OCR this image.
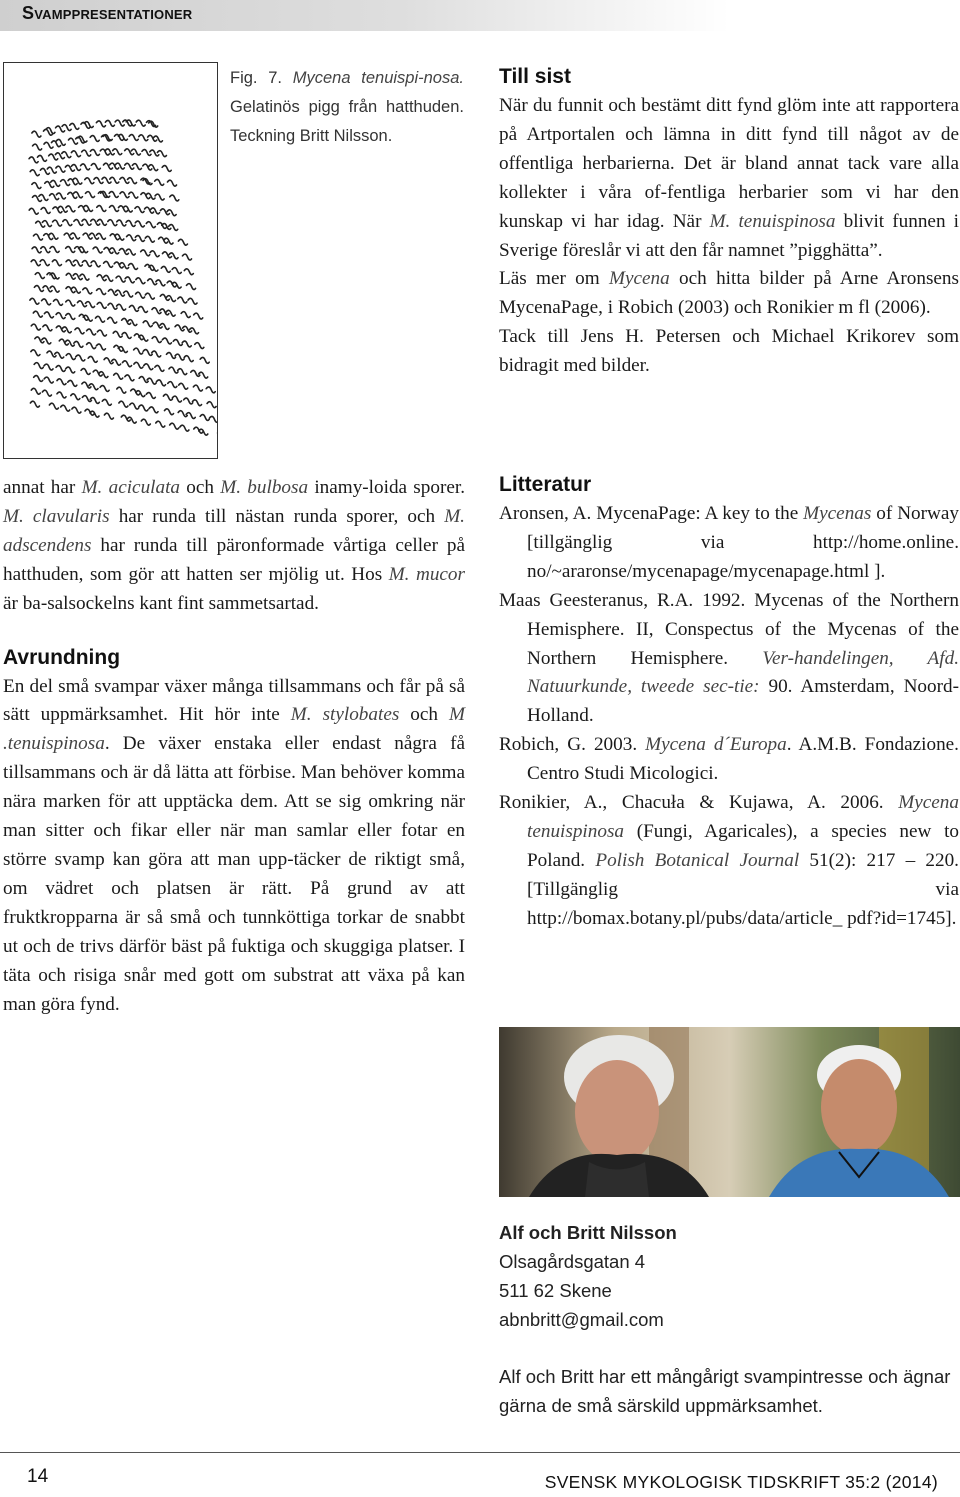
Svamppresentationer
Fig. 7. Mycena tenuispi-nosa. Gelatinös pigg från hatthuden. Teckning Britt Nilsson.

annat har M. aciculata och M. bulbosa inamy-loida sporer. M. clavularis har runda till nästan runda sporer, och M. adscendens har runda till päronformade vårtiga celler på hatthuden, som gör att hatten ser mjölig ut. Hos M. mucor är ba-salsockelns kant fint sammetsartad.

Avrundning

En del små svampar växer många tillsammans och får på så sätt uppmärksamhet. Hit hör inte M. stylobates och M .tenuispinosa. De växer enstaka eller endast några få tillsammans och är då lätta att förbise. Man behöver komma nära marken för att upptäcka dem. Att se sig omkring när man sitter och fikar eller när man samlar eller fotar en större svamp kan göra att man upp-täcker de riktigt små, om vädret och platsen är rätt. På grund av att fruktkropparna är så små och tunnköttiga torkar de snabbt ut och de trivs därför bäst på fuktiga och skuggiga platser. I täta och risiga snår med gott om substrat att växa på kan man göra fynd.

Till sist

När du funnit och bestämt ditt fynd glöm inte att rapportera på Artportalen och lämna in ditt fynd till något av de offentliga herbarierna. Det är bland annat tack vare alla kollekter i våra of-fentliga herbarier som vi har den kunskap vi har idag. När M. tenuispinosa blivit funnen i Sverige föreslår vi att den får namnet ”pigghätta”.

Läs mer om Mycena och hitta bilder på Arne Aronsens MycenaPage, i Robich (2003) och Ronikier m fl (2006).

Tack till Jens H. Petersen och Michael Krikorev som bidragit med bilder.

Litteratur

Aronsen, A. MycenaPage: A key to the Mycenas of Norway [tillgänglig via http://home.online. no/~araronse/mycenapage/mycenapage.html ].

Maas Geesteranus, R.A. 1992. Mycenas of the Northern Hemisphere. II, Conspectus of the Mycenas of the Northern Hemisphere. Ver-handelingen, Afd. Natuurkunde, tweede sec-tie: 90. Amsterdam, Noord-Holland.

Robich, G. 2003. Mycena d´Europa. A.M.B. Fondazione. Centro Studi Micologici.

Ronikier, A., Chacuła & Kujawa, A. 2006. Mycena tenuispinosa (Fungi, Agaricales), a species new to Poland. Polish Botanical Journal 51(2): 217 – 220. [Tillgänglig via http://bomax.botany.pl/pubs/data/article_ pdf?id=1745].

Alf och Britt Nilsson
Olsagårdsgatan 4
511 62 Skene
abnbritt@gmail.com
Alf och Britt har ett mångårigt svampintresse och ägnar gärna de små särskild uppmärksamhet.
14	SVENSK MYKOLOGISK TIDSKRIFT 35:2 (2014)
